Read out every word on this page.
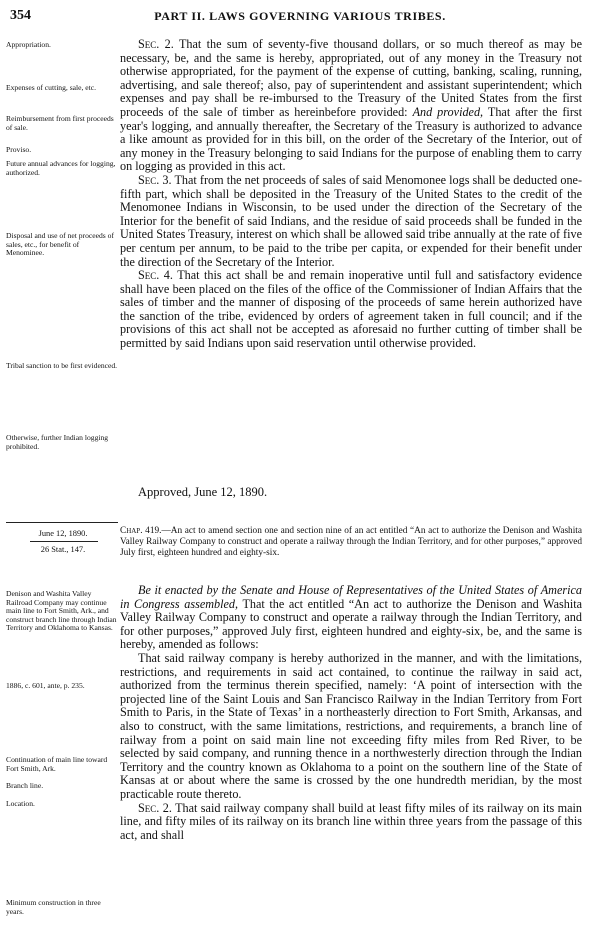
354	PART II. LAWS GOVERNING VARIOUS TRIBES.
Appropriation.
Expenses of cutting, sale, etc.
Reimbursement from first proceeds of sale.
Proviso.
Future annual advances for logging, authorized.
Disposal and use of net proceeds of sales, etc., for benefit of Menominee.
Tribal sanction to be first evidenced.
Otherwise, further Indian logging prohibited.
June 12, 1890.
26 Stat., 147.
Denison and Washita Valley Railroad Company may continue main line to Fort Smith, Ark., and construct branch line through Indian Territory and Oklahoma to Kansas.
1886, c. 601, ante, p. 235.
Continuation of main line toward Fort Smith, Ark.
Branch line.
Location.
Minimum construction in three years.

Sec. 2. That the sum of seventy-five thousand dollars, or so much thereof as may be necessary, be, and the same is hereby, appropriated, out of any money in the Treasury not otherwise appropriated, for the payment of the expense of cutting, banking, scaling, running, advertising, and sale thereof; also, pay of superintendent and assistant superintendent; which expenses and pay shall be re-imbursed to the Treasury of the United States from the first proceeds of the sale of timber as hereinbefore provided: And provided, That after the first year's logging, and annually thereafter, the Secretary of the Treasury is authorized to advance a like amount as provided for in this bill, on the order of the Secretary of the Interior, out of any money in the Treasury belonging to said Indians for the purpose of enabling them to carry on logging as provided in this act.

Sec. 3. That from the net proceeds of sales of said Menomonee logs shall be deducted one-fifth part, which shall be deposited in the Treasury of the United States to the credit of the Menomonee Indians in Wisconsin, to be used under the direction of the Secretary of the Interior for the benefit of said Indians, and the residue of said proceeds shall be funded in the United States Treasury, interest on which shall be allowed said tribe annually at the rate of five per centum per annum, to be paid to the tribe per capita, or expended for their benefit under the direction of the Secretary of the Interior.

Sec. 4. That this act shall be and remain inoperative until full and satisfactory evidence shall have been placed on the files of the office of the Commissioner of Indian Affairs that the sales of timber and the manner of disposing of the proceeds of same herein authorized have the sanction of the tribe, evidenced by orders of agreement taken in full council; and if the provisions of this act shall not be accepted as aforesaid no further cutting of timber shall be permitted by said Indians upon said reservation until otherwise provided.

Approved, June 12, 1890.
Chap. 419.—An act to amend section one and section nine of an act entitled “An act to authorize the Denison and Washita Valley Railway Company to construct and operate a railway through the Indian Territory, and for other purposes,” approved July first, eighteen hundred and eighty-six.

Be it enacted by the Senate and House of Representatives of the United States of America in Congress assembled, That the act entitled “An act to authorize the Denison and Washita Valley Railway Company to construct and operate a railway through the Indian Territory, and for other purposes,” approved July first, eighteen hundred and eighty-six, be, and the same is hereby, amended as follows:

That said railway company is hereby authorized in the manner, and with the limitations, restrictions, and requirements in said act contained, to continue the railway in said act, authorized from the terminus therein specified, namely: ‘A point of intersection with the projected line of the Saint Louis and San Francisco Railway in the Indian Territory from Fort Smith to Paris, in the State of Texas’ in a northeasterly direction to Fort Smith, Arkansas, and also to construct, with the same limitations, restrictions, and requirements, a branch line of railway from a point on said main line not exceeding fifty miles from Red River, to be selected by said company, and running thence in a northwesterly direction through the Indian Territory and the country known as Oklahoma to a point on the southern line of the State of Kansas at or about where the same is crossed by the one hundredth meridian, by the most practicable route thereto.

Sec. 2. That said railway company shall build at least fifty miles of its railway on its main line, and fifty miles of its railway on its branch line within three years from the passage of this act, and shall
